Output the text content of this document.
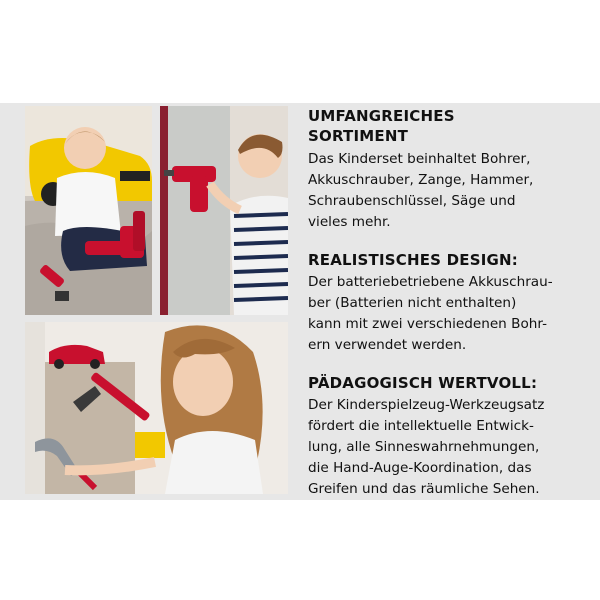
UMFANGREICHES
SORTIMENT

Das Kinderset beinhaltet Bohrer,
Akkuschrauber, Zange, Hammer,
Schraubenschlüssel, Säge und
vieles mehr.

REALISTISCHES DESIGN:

Der batteriebetriebene Akkuschrau-
ber (Batterien nicht enthalten)
kann mit zwei verschiedenen Bohr-
ern verwendet werden.

PÄDAGOGISCH WERTVOLL:

Der Kinderspielzeug-Werkzeugsatz
fördert die intellektuelle Entwick-
lung, alle Sinneswahrnehmungen,
die Hand-Auge-Koordination, das
Greifen und das räumliche Sehen.
